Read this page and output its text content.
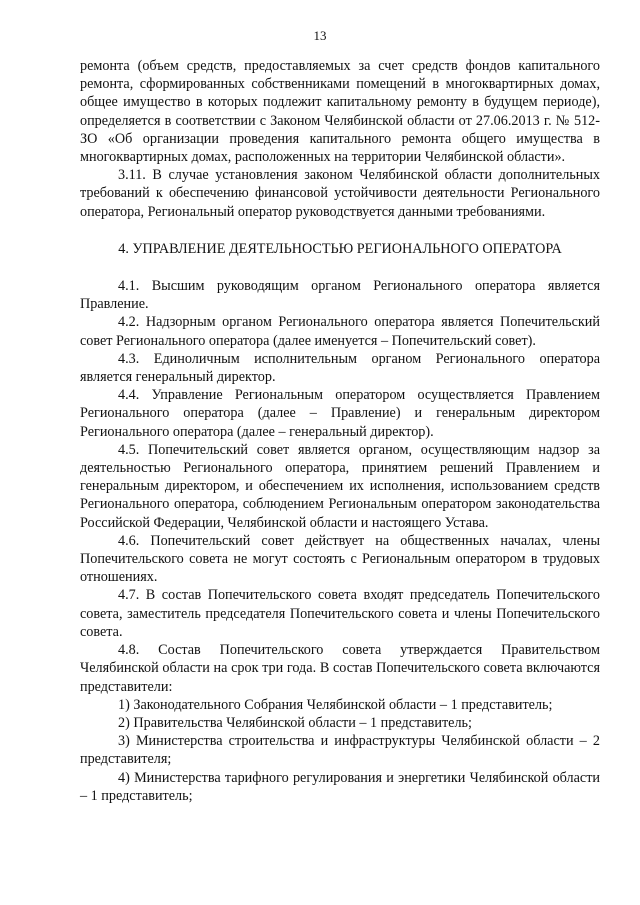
13

ремонта (объем средств, предоставляемых за счет средств фондов капитального ремонта, сформированных собственниками помещений в многоквартирных домах, общее имущество в которых подлежит капитальному ремонту в будущем периоде), определяется в соответствии с Законом Челябинской области от 27.06.2013 г. № 512-ЗО «Об организации проведения капитального ремонта общего имущества в многоквартирных домах, расположенных на территории Челябинской области».

3.11. В случае установления законом Челябинской области дополнительных требований к обеспечению финансовой устойчивости деятельности Регионального оператора, Региональный оператор руководствуется данными требованиями.

4. УПРАВЛЕНИЕ ДЕЯТЕЛЬНОСТЬЮ РЕГИОНАЛЬНОГО ОПЕРАТОРА

4.1. Высшим руководящим органом Регионального оператора является Правление.

4.2. Надзорным органом Регионального оператора является Попечительский совет Регионального оператора (далее именуется – Попечительский совет).

4.3. Единоличным исполнительным органом Регионального оператора является генеральный директор.

4.4. Управление Региональным оператором осуществляется Правлением Регионального оператора (далее – Правление) и генеральным директором Регионального оператора (далее – генеральный директор).

4.5. Попечительский совет является органом, осуществляющим надзор за деятельностью Регионального оператора, принятием решений Правлением и генеральным директором, и обеспечением их исполнения, использованием средств Регионального оператора, соблюдением Региональным оператором законодательства Российской Федерации, Челябинской области и настоящего Устава.

4.6. Попечительский совет действует на общественных началах, члены Попечительского совета не могут состоять с Региональным оператором в трудовых отношениях.

4.7. В состав Попечительского совета входят председатель Попечительского совета, заместитель председателя Попечительского совета и члены Попечительского совета.

4.8. Состав Попечительского совета утверждается Правительством Челябинской области на срок три года. В состав Попечительского совета включаются представители:

1) Законодательного Собрания Челябинской области – 1 представитель;

2) Правительства Челябинской области – 1 представитель;

3) Министерства строительства и инфраструктуры Челябинской области – 2 представителя;

4) Министерства тарифного регулирования и энергетики Челябинской области – 1 представитель;
